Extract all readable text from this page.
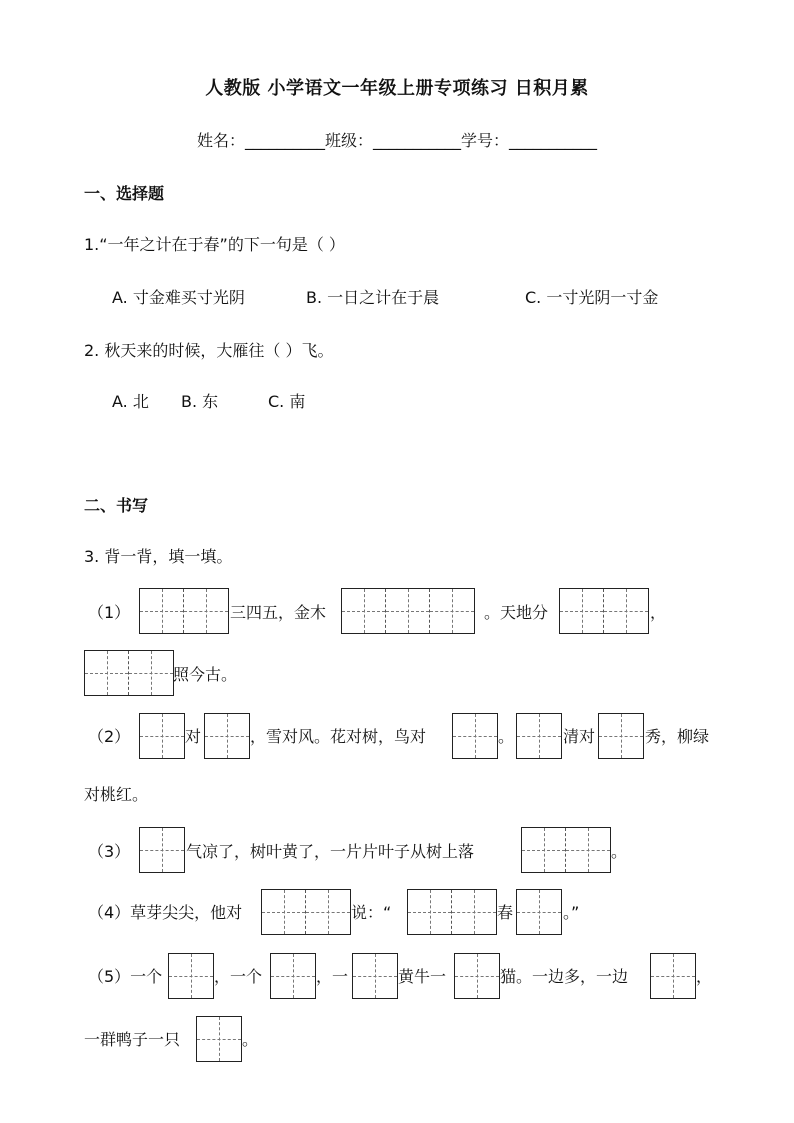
人教版 小学语文一年级上册专项练习 日积月累
姓名：__________班级：___________学号：___________
一、选择题
1.“一年之计在于春”的下一句是（ ）
A. 寸金难买寸光阴	B. 一日之计在于晨	C. 一寸光阴一寸金
2. 秋天来的时候，大雁往（ ）飞。
A. 北 B. 东	C. 南
二、书写
3. 背一背，填一填。
（1）	三四五，金木	。天地分	，
照今古。
（2）	对	，雪对风。花对树，鸟对	。	清对	秀，柳绿
对桃红。
（3）	气凉了，树叶黄了，一片片叶子从树上落	。
（4）草芽尖尖，他对	说：“	春	。”
（5）一个	，一个	，一	黄牛一	猫。一边多，一边	，
一群鸭子一只	。
